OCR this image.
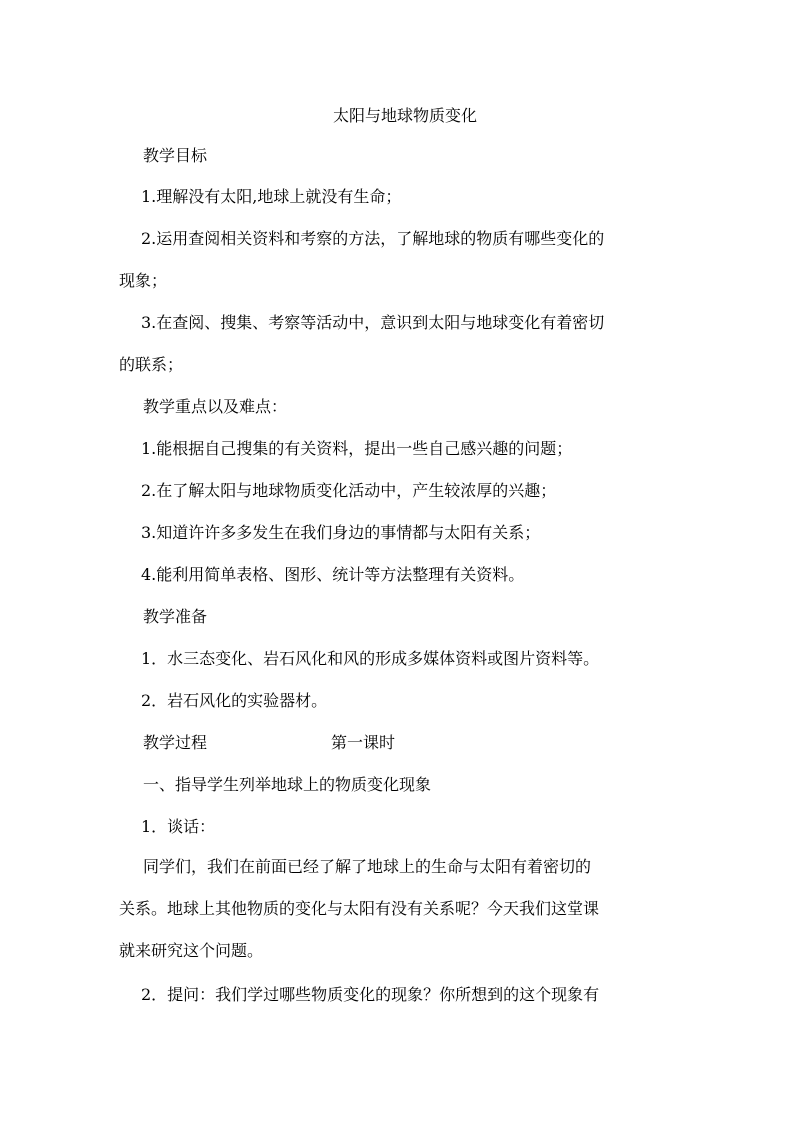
太阳与地球物质变化
教学目标
1.理解没有太阳,地球上就没有生命；
2.运用查阅相关资料和考察的方法，了解地球的物质有哪些变化的
现象；
3.在查阅、搜集、考察等活动中，意识到太阳与地球变化有着密切
的联系；
教学重点以及难点：
1.能根据自己搜集的有关资料，提出一些自己感兴趣的问题；
2.在了解太阳与地球物质变化活动中，产生较浓厚的兴趣；
3.知道许许多多发生在我们身边的事情都与太阳有关系；
4.能利用简单表格、图形、统计等方法整理有关资料。
教学准备
1．水三态变化、岩石风化和风的形成多媒体资料或图片资料等。
2．岩石风化的实验器材。
教学过程	第一课时
一、指导学生列举地球上的物质变化现象
1．谈话：
同学们，我们在前面已经了解了地球上的生命与太阳有着密切的
关系。地球上其他物质的变化与太阳有没有关系呢？今天我们这堂课
就来研究这个问题。
2．提问：我们学过哪些物质变化的现象？你所想到的这个现象有
